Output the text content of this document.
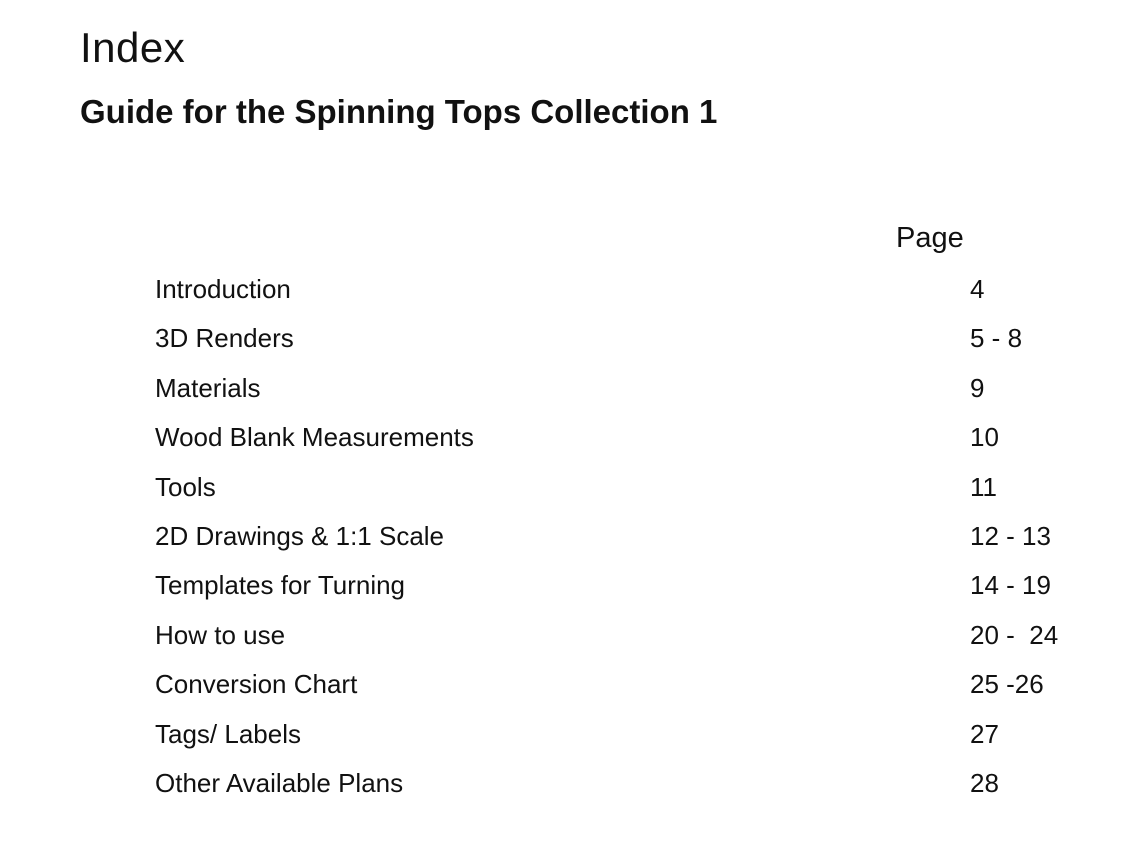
Index
Guide for the Spinning Tops Collection 1
Page
Introduction	4
3D Renders	5 - 8
Materials	9
Wood Blank Measurements	10
Tools	11
2D Drawings & 1:1 Scale	12 - 13
Templates for Turning	14 - 19
How to use	20 -  24
Conversion Chart	25 -26
Tags/ Labels	27
Other Available Plans	28
